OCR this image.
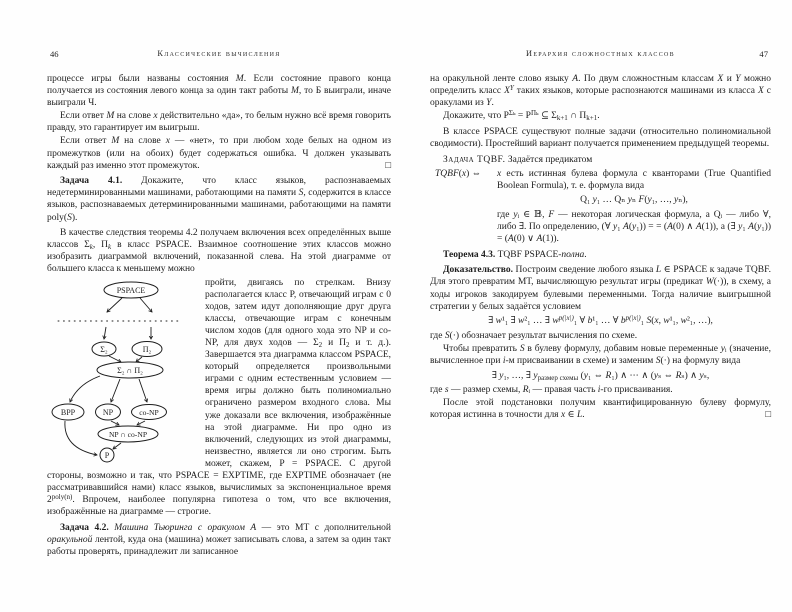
46	Классические вычисления

процессе игры были названы состояния M. Если состояние правого конца получается из состояния левого конца за один такт работы M, то Б выиграли, иначе выиграли Ч.

Если ответ M на слове x действительно «да», то белым нужно всё время говорить правду, это гарантирует им выигрыш.

Если ответ M на слове x — «нет», то при любом ходе белых на одном из промежутков (или на обоих) будет содержаться ошибка. Ч должен указывать каждый раз именно этот промежуток.	□

Задача 4.1. Докажите, что класс языков, распознаваемых недетерминированными машинами, работающими на памяти S, содержится в классе языков, распознаваемых детерминированными машинами, работающими на памяти poly(S).

В качестве следствия теоремы 4.2 получаем включения всех определённых выше классов $\Sigma_k$, $\Pi_k$ в класс PSPACE. Взаимное соотношение этих классов можно изобразить диаграммой включений, показанной слева. На этой диаграмме от большего класса к меньшему можно

PSPACE
Σ₂	Π₂
Σ₂ ∩ Π₂
BPP	NP	co-NP
NP ∩ co-NP
P
пройти, двигаясь по стрелкам. Внизу располагается класс P, отвечающий играм с 0 ходов, затем идут дополняющие друг друга классы, отвечающие играм с конечным числом ходов (для одного хода это NP и co-NP, для двух ходов — $\Sigma_2$ и $\Pi_2$ и т. д.). Завершается эта диаграмма классом PSPACE, который определяется произвольными играми с одним естественным условием — время игры должно быть полиномиально ограничено размером входного слова. Мы уже доказали все включения, изображённые на этой диаграмме. Ни про одно из включений, следующих из этой диаграммы, неизвестно, является ли оно строгим. Быть может, скажем, P = PSPACE. С другой стороны, возможно и так, что PSPACE = EXPTIME, где EXPTIME обозначает (не рассматривавшийся нами) класс языков, вычислимых за экспоненциальное время $2^{poly(n)}$. Впрочем, наиболее популярна гипотеза о том, что все включения, изображённые на диаграмме — строгие.

Задача 4.2. Машина Тьюринга с оракулом A — это МТ с дополнительной оракульной лентой, куда она (машина) может записывать слова, а затем за один такт работы проверять, принадлежит ли записанное

Иерархия сложностных классов	47

на оракульной ленте слово языку A. По двум сложностным классам X и Y можно определить класс $X^Y$ таких языков, которые распознаются машинами из класса X с оракулами из Y.

Докажите, что $P^{\Sigma_k} = P^{\Pi_k}$ ⊆ $\Sigma_{k+1}$ ∩ $\Pi_{k+1}$.

В классе PSPACE существуют полные задачи (относительно полиномиальной сводимости). Простейший вариант получается применением предыдущей теоремы.

Задача TQBF. Задаётся предикатом

TQBF(x) ⇔	x есть истинная булева формула с кванторами (True Quantified Boolean Formula), т. е. формула вида
Q₁ y₁ … Qₙ yₙ F(y₁, …, yₙ),
где yᵢ ∈ 𝔹, F — некоторая логическая формула, а Qᵢ — либо ∀, либо ∃. По определению, (∀ y₁ A(y₁)) = = (A(0) ∧ A(1)), а (∃ y₁ A(y₁)) = (A(0) ∨ A(1)).

Теорема 4.3. TQBF PSPACE-полна.

Доказательство. Построим сведение любого языка L ∈ PSPACE к задаче TQBF. Для этого превратим МТ, вычисляющую результат игры (предикат W(·)), в схему, а ходы игроков закодируем булевыми переменными. Тогда наличие выигрышной стратегии у белых задаётся условием

∃ w¹₁ ∃ w²₁ … ∃ $w^{p(|x|)}_1$ ∀ b¹₁ … ∀ $b^{p(|x|)}_1$ S(x, w¹₁, w²₁, …),

где S(·) обозначает результат вычисления по схеме.

Чтобы превратить S в булеву формулу, добавим новые переменные yᵢ (значение, вычисленное при i-м присваивании в схеме) и заменим S(·) на формулу вида

∃ y₁, …, ∃ $y_{размер схемы}$ (y₁ ⇔ R₁) ∧ ⋯ ∧ (yₛ ⇔ Rₛ) ∧ yₛ,

где s — размер схемы, Rᵢ — правая часть i-го присваивания.

После этой подстановки получим квантифицированную булеву формулу, которая истинна в точности для x ∈ L.	□
